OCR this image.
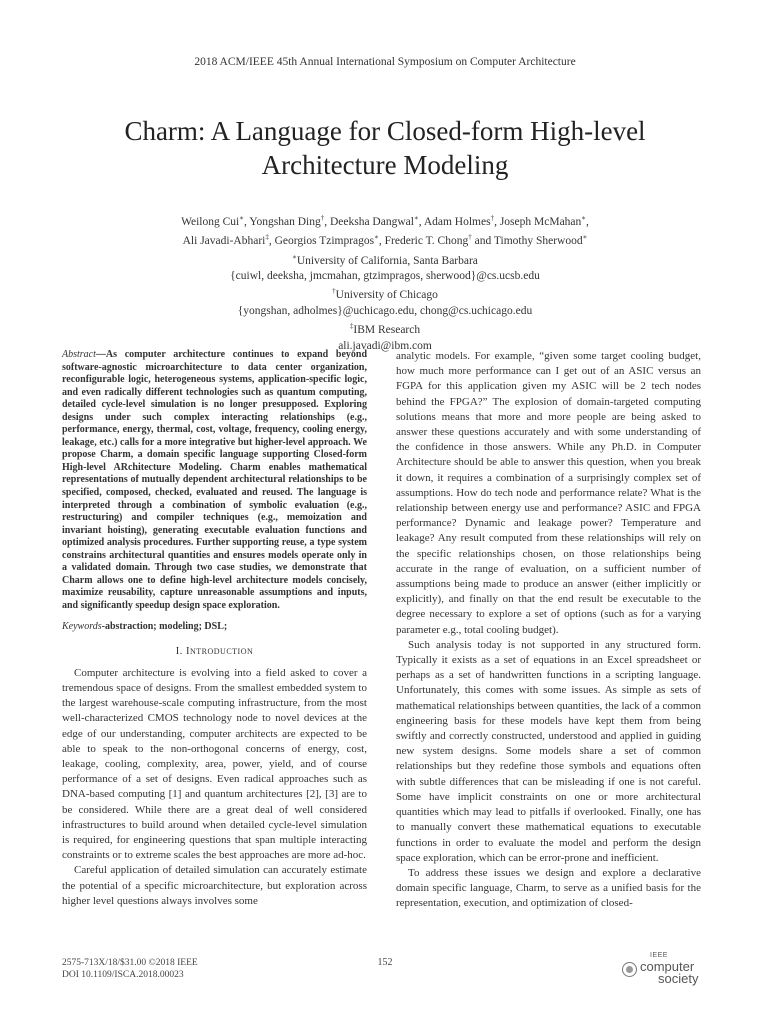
2018 ACM/IEEE 45th Annual International Symposium on Computer Architecture
Charm: A Language for Closed-form High-level
Architecture Modeling
Weilong Cui∗, Yongshan Ding†, Deeksha Dangwal∗, Adam Holmes†, Joseph McMahan∗,
Ali Javadi-Abhari‡, Georgios Tzimpragos∗, Frederic T. Chong† and Timothy Sherwood∗
∗University of California, Santa Barbara
{cuiwl, deeksha, jmcmahan, gtzimpragos, sherwood}@cs.ucsb.edu
†University of Chicago
{yongshan, adholmes}@uchicago.edu, chong@cs.uchicago.edu
‡IBM Research
ali.javadi@ibm.com

Abstract—As computer architecture continues to expand beyond software-agnostic microarchitecture to data center organization, reconfigurable logic, heterogeneous systems, application-specific logic, and even radically different technologies such as quantum computing, detailed cycle-level simulation is no longer presupposed. Exploring designs under such complex interacting relationships (e.g., performance, energy, thermal, cost, voltage, frequency, cooling energy, leakage, etc.) calls for a more integrative but higher-level approach. We propose Charm, a domain specific language supporting Closed-form High-level ARchitecture Modeling. Charm enables mathematical representations of mutually dependent architectural relationships to be specified, composed, checked, evaluated and reused. The language is interpreted through a combination of symbolic evaluation (e.g., restructuring) and compiler techniques (e.g., memoization and invariant hoisting), generating executable evaluation functions and optimized analysis procedures. Further supporting reuse, a type system constrains architectural quantities and ensures models operate only in a validated domain. Through two case studies, we demonstrate that Charm allows one to define high-level architecture models concisely, maximize reusability, capture unreasonable assumptions and inputs, and significantly speedup design space exploration.

Keywords-abstraction; modeling; DSL;

I. INTRODUCTION

Computer architecture is evolving into a field asked to cover a tremendous space of designs. From the smallest embedded system to the largest warehouse-scale computing infrastructure, from the most well-characterized CMOS technology node to novel devices at the edge of our understanding, computer architects are expected to be able to speak to the non-orthogonal concerns of energy, cost, leakage, cooling, complexity, area, power, yield, and of course performance of a set of designs. Even radical approaches such as DNA-based computing [1] and quantum architectures [2], [3] are to be considered. While there are a great deal of well considered infrastructures to build around when detailed cycle-level simulation is required, for engineering questions that span multiple interacting constraints or to extreme scales the best approaches are more ad-hoc.

Careful application of detailed simulation can accurately estimate the potential of a specific microarchitecture, but exploration across higher level questions always involves some

analytic models. For example, “given some target cooling budget, how much more performance can I get out of an ASIC versus an FGPA for this application given my ASIC will be 2 tech nodes behind the FPGA?” The explosion of domain-targeted computing solutions means that more and more people are being asked to answer these questions accurately and with some understanding of the confidence in those answers. While any Ph.D. in Computer Architecture should be able to answer this question, when you break it down, it requires a combination of a surprisingly complex set of assumptions. How do tech node and performance relate? What is the relationship between energy use and performance? ASIC and FPGA performance? Dynamic and leakage power? Temperature and leakage? Any result computed from these relationships will rely on the specific relationships chosen, on those relationships being accurate in the range of evaluation, on a sufficient number of assumptions being made to produce an answer (either implicitly or explicitly), and finally on that the end result be executable to the degree necessary to explore a set of options (such as for a varying parameter e.g., total cooling budget).

Such analysis today is not supported in any structured form. Typically it exists as a set of equations in an Excel spreadsheet or perhaps as a set of handwritten functions in a scripting language. Unfortunately, this comes with some issues. As simple as sets of mathematical relationships between quantities, the lack of a common engineering basis for these models have kept them from being swiftly and correctly constructed, understood and applied in guiding new system designs. Some models share a set of common relationships but they redefine those symbols and equations often with subtle differences that can be misleading if one is not careful. Some have implicit constraints on one or more architectural quantities which may lead to pitfalls if overlooked. Finally, one has to manually convert these mathematical equations to executable functions in order to evaluate the model and perform the design space exploration, which can be error-prone and inefficient.

To address these issues we design and explore a declarative domain specific language, Charm, to serve as a unified basis for the representation, execution, and optimization of closed-

2575-713X/18/$31.00 ©2018 IEEE
DOI 10.1109/ISCA.2018.00023
152
IEEE
computer
society
